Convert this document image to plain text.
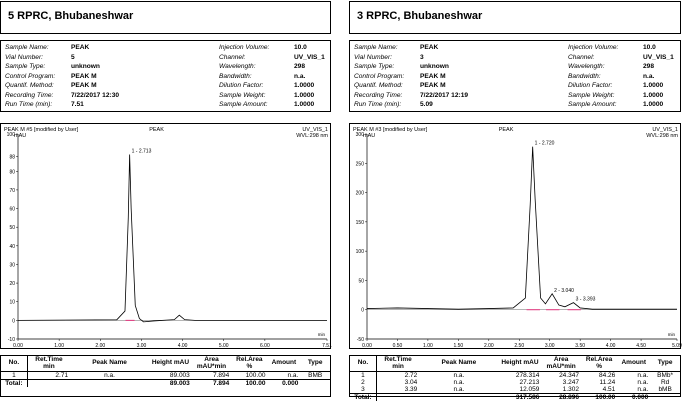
5 RPRC, Bhubaneshwar
Sample Name:	PEAK
Vial Number:	5
Sample Type:	unknown
Control Program: PEAK M
Quantif. Method:	PEAK M
Recording Time:	7/22/2017 12:30
Run Time (min):	7.51
Injection Volume:	10.0
Channel:	UV_VIS_1
Wavelength:	298
Bandwidth:	n.a.
Dilution Factor:	1.0000
Sample Weight:	1.0000
Sample Amount:	1.0000
PEAK M #5 [modified by User]	PEAK	UV_VIS_1
WVL:298 nm
mAU
min
-10
0
10
20
30
40
50
60
70
80
88
100
0.00	1.00	2.00	3.00	4.00	5.00	6.00	7.51
1 - 2.713
No.	Ret.Time min	Peak Name	Height mAU	Area mAU*min	Rel.Area %	Amount	Type
1	2.71	n.a.	89.003	7.894	100.00	n.a.	BMB
Total:			89.003	7.894	100.00	0.000	
3 RPRC, Bhubaneshwar
Sample Name:	PEAK
Vial Number:	3
Sample Type:	unknown
Control Program: PEAK M
Quantif. Method:	PEAK M
Recording Time:	7/22/2017 12:19
Run Time (min):	5.09
Injection Volume:	10.0
Channel:	UV_VIS_1
Wavelength:	298
Bandwidth:	n.a.
Dilution Factor:	1.0000
Sample Weight:	1.0000
Sample Amount:	1.0000
PEAK M #3 [modified by User]	PEAK	UV_VIS_1
WVL:298 nm
mAU
min
-50
0
50
100
150
200
250
300
0.00	0.50	1.00	1.50	2.00	2.50	3.00	3.50	4.00	4.50	5.09
1 - 2.720
2 - 3.040
3 - 3.393
No.	Ret.Time min	Peak Name	Height mAU	Area mAU*min	Rel.Area %	Amount	Type
1	2.72	n.a.	278.314	24.347	84.26	n.a.	BMb*
2	3.04	n.a.	27.213	3.247	11.24	n.a.	Rd
3	3.39	n.a.	12.059	1.302	4.51	n.a.	bMB
Total:			317.586	28.896	100.00	0.000	
